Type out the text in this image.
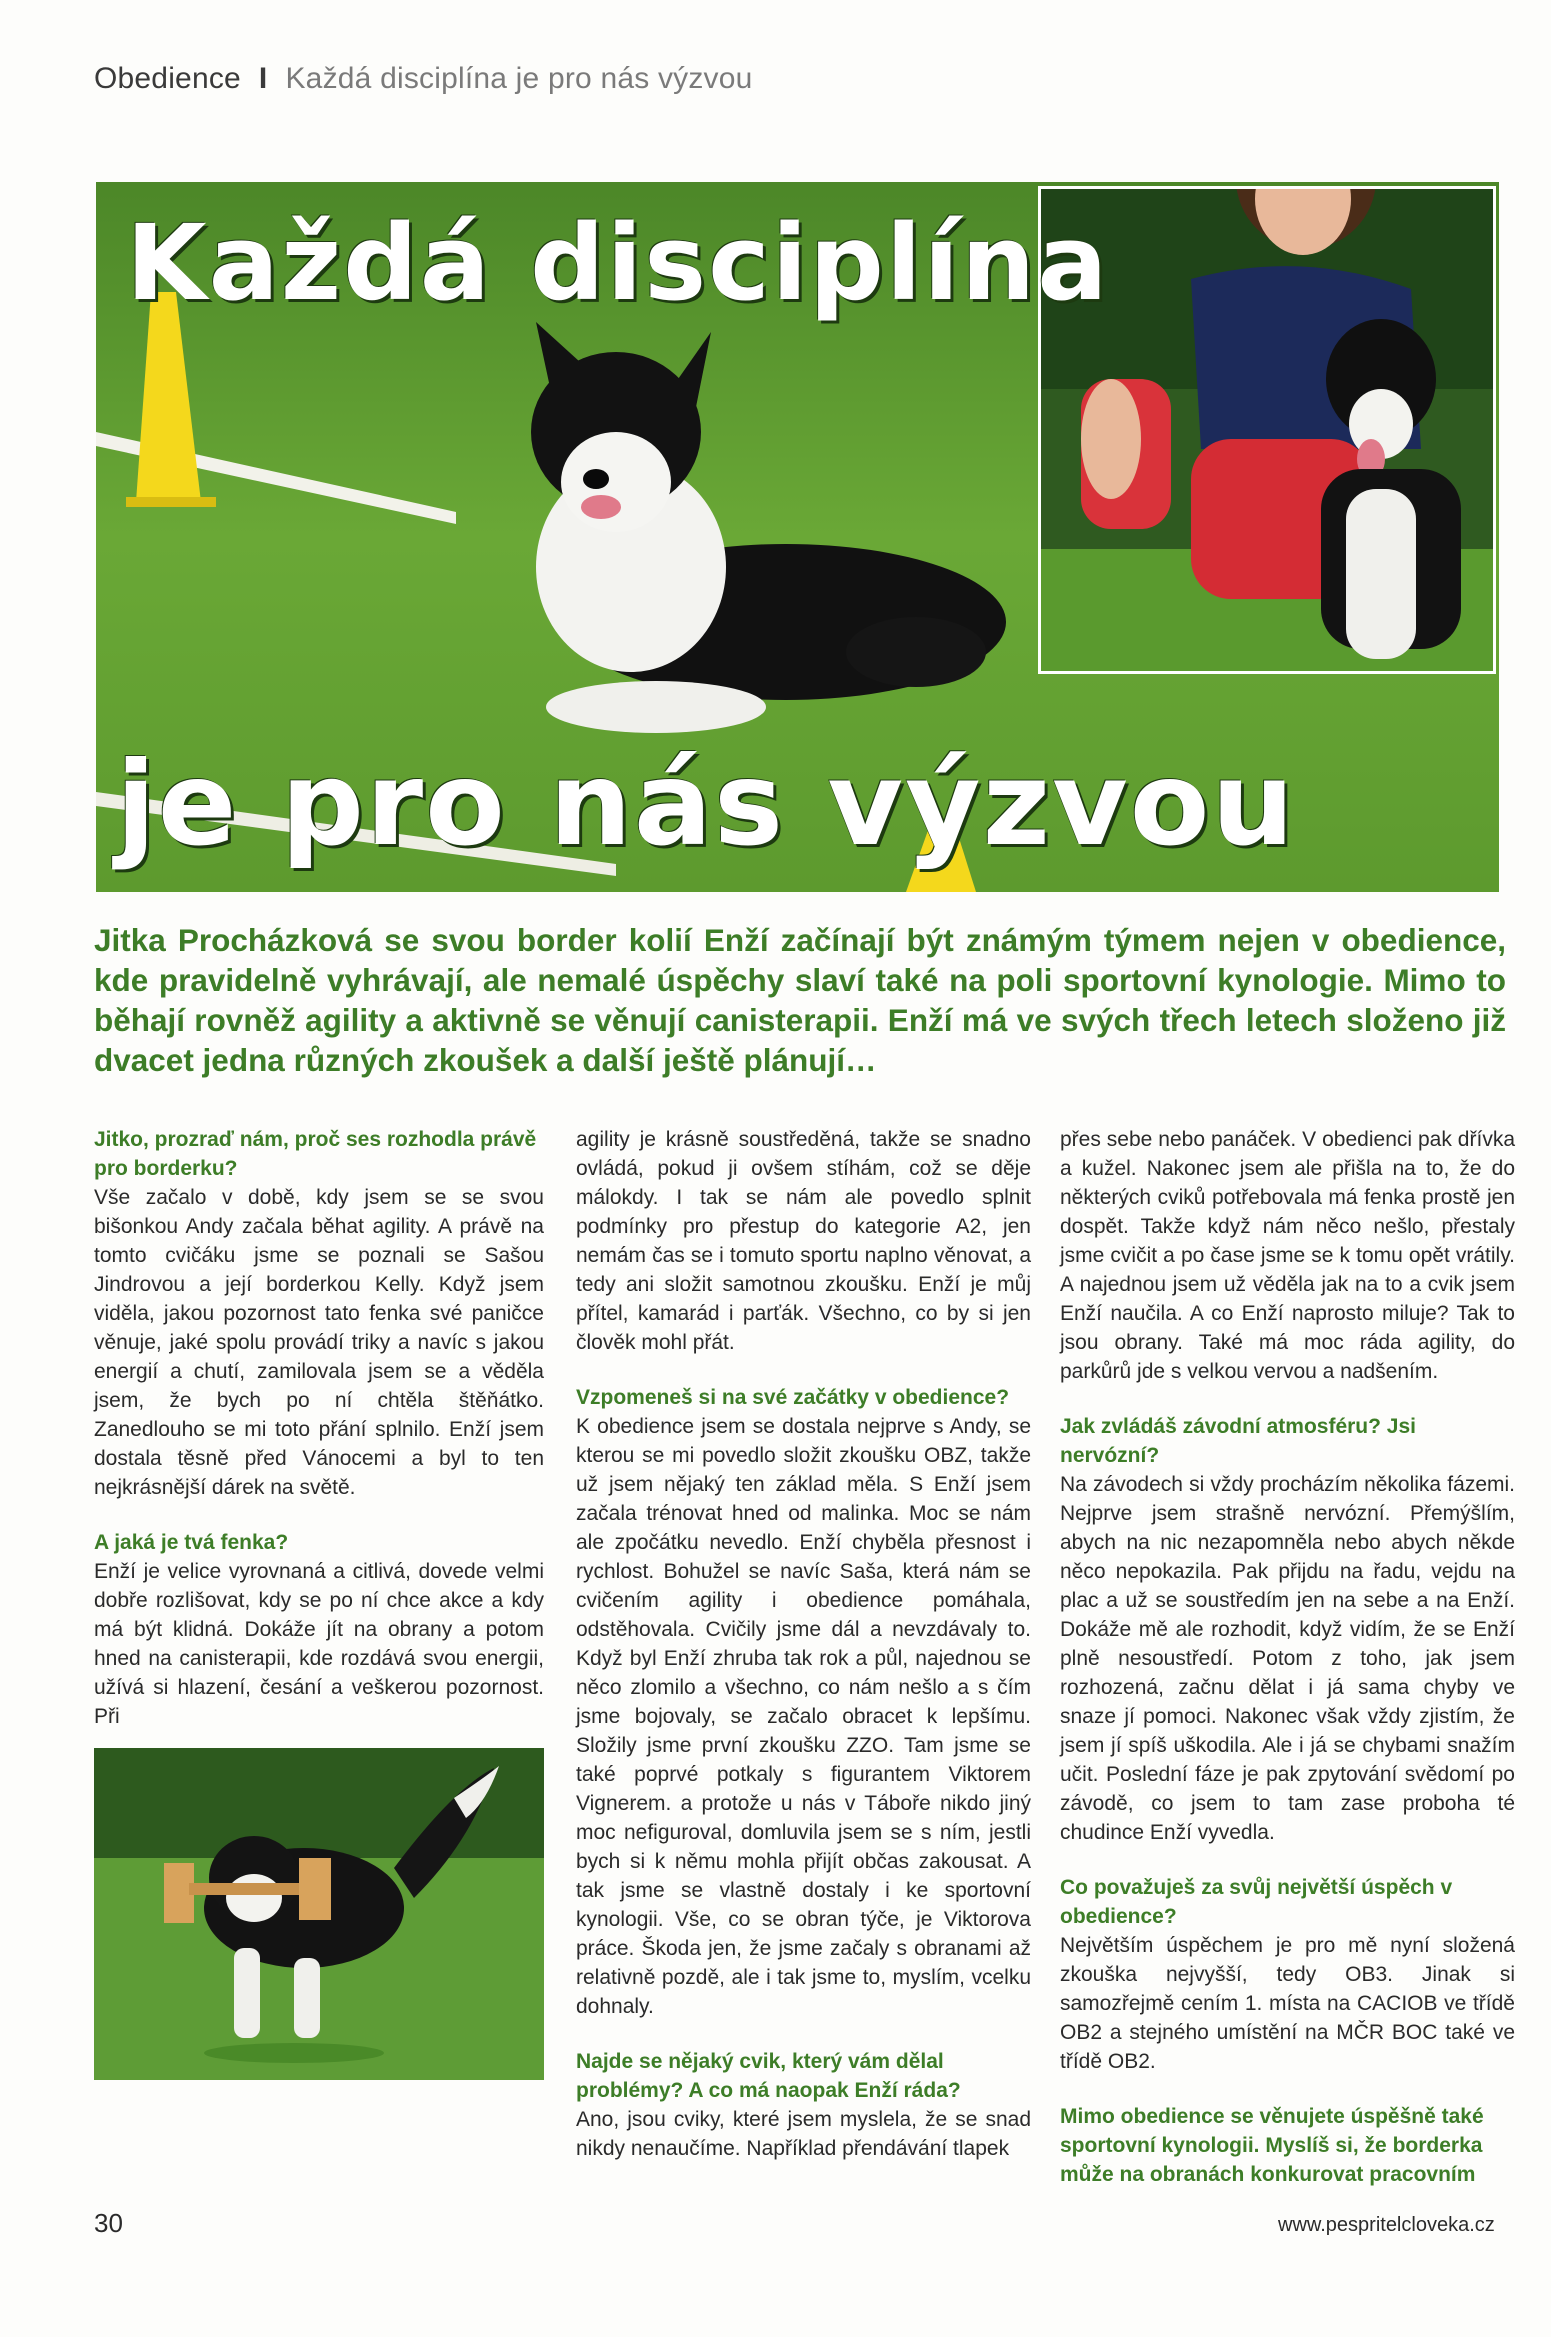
Obedience I Každá disciplína je pro nás výzvou
Každá disciplína
je pro nás výzvou
Jitka Procházková se svou border kolií Enží začínají být známým týmem nejen v obedience, kde pravidelně vyhrávají, ale nemalé úspěchy slaví také na poli sportovní kynologie. Mimo to běhají rovněž agility a aktivně se věnují canisterapii. Enží má ve svých třech letech složeno již dvacet jedna různých zkoušek a další ještě plánují…

Jitko, prozraď nám, proč ses rozhodla právě pro borderku?

Vše začalo v době, kdy jsem se se svou bišonkou Andy začala běhat agility. A právě na tomto cvičáku jsme se poznali se Sašou Jindrovou a její borderkou Kelly. Když jsem viděla, jakou pozornost tato fenka své paničce věnuje, jaké spolu provádí triky a navíc s jakou energií a chutí, zamilovala jsem se a věděla jsem, že bych po ní chtěla štěňátko. Zanedlouho se mi toto přání splnilo. Enží jsem dostala těsně před Vánocemi a byl to ten nejkrásnější dárek na světě.

A jaká je tvá fenka?

Enží je velice vyrovnaná a citlivá, dovede velmi dobře rozlišovat, kdy se po ní chce akce a kdy má být klidná. Dokáže jít na obrany a potom hned na canisterapii, kde rozdává svou energii, užívá si hlazení, česání a veškerou pozornost. Při

agility je krásně soustředěná, takže se snadno ovládá, pokud ji ovšem stíhám, což se děje málokdy. I tak se nám ale povedlo splnit podmínky pro přestup do kategorie A2, jen nemám čas se i tomuto sportu naplno věnovat, a tedy ani složit samotnou zkoušku. Enží je můj přítel, kamarád i parťák. Všechno, co by si jen člověk mohl přát.

Vzpomeneš si na své začátky v obedience?

K obedience jsem se dostala nejprve s Andy, se kterou se mi povedlo složit zkoušku OBZ, takže už jsem nějaký ten základ měla. S Enží jsem začala trénovat hned od malinka. Moc se nám ale zpočátku nevedlo. Enží chyběla přesnost i rychlost. Bohužel se navíc Saša, která nám se cvičením agility i obedience pomáhala, odstěhovala. Cvičily jsme dál a nevzdávaly to. Když byl Enží zhruba tak rok a půl, najednou se něco zlomilo a všechno, co nám nešlo a s čím jsme bojovaly, se začalo obracet k lepšímu. Složily jsme první zkoušku ZZO. Tam jsme se také poprvé potkaly s figurantem Viktorem Vignerem. a protože u nás v Táboře nikdo jiný moc nefiguroval, domluvila jsem se s ním, jestli bych si k němu mohla přijít občas zakousat. A tak jsme se vlastně dostaly i ke sportovní kynologii. Vše, co se obran týče, je Viktorova práce. Škoda jen, že jsme začaly s obranami až relativně pozdě, ale i tak jsme to, myslím, vcelku dohnaly.

Najde se nějaký cvik, který vám dělal problémy? A co má naopak Enží ráda?

Ano, jsou cviky, které jsem myslela, že se snad nikdy nenaučíme. Například přendávání tlapek

přes sebe nebo panáček. V obedienci pak dřívka a kužel. Nakonec jsem ale přišla na to, že do některých cviků potřebovala má fenka prostě jen dospět. Takže když nám něco nešlo, přestaly jsme cvičit a po čase jsme se k tomu opět vrátily. A najednou jsem už věděla jak na to a cvik jsem Enží naučila. A co Enží naprosto miluje? Tak to jsou obrany. Také má moc ráda agility, do parkůrů jde s velkou vervou a nadšením.

Jak zvládáš závodní atmosféru? Jsi nervózní?

Na závodech si vždy procházím několika fázemi. Nejprve jsem strašně nervózní. Přemýšlím, abych na nic nezapomněla nebo abych někde něco nepokazila. Pak přijdu na řadu, vejdu na plac a už se soustředím jen na sebe a na Enží. Dokáže mě ale rozhodit, když vidím, že se Enží plně nesoustředí. Potom z toho, jak jsem rozhozená, začnu dělat i já sama chyby ve snaze jí pomoci. Nakonec však vždy zjistím, že jsem jí spíš uškodila. Ale i já se chybami snažím učit. Poslední fáze je pak zpytování svědomí po závodě, co jsem to tam zase proboha té chudince Enží vyvedla.

Co považuješ za svůj největší úspěch v obedience?

Největším úspěchem je pro mě nyní složená zkouška nejvyšší, tedy OB3. Jinak si samozřejmě cením 1. místa na CACIOB ve třídě OB2 a stejného umístění na MČR BOC také ve třídě OB2.

Mimo obedience se věnujete úspěšně také sportovní kynologii. Myslíš si, že borderka může na obranách konkurovat pracovním

30	www.pespritelcloveka.cz
